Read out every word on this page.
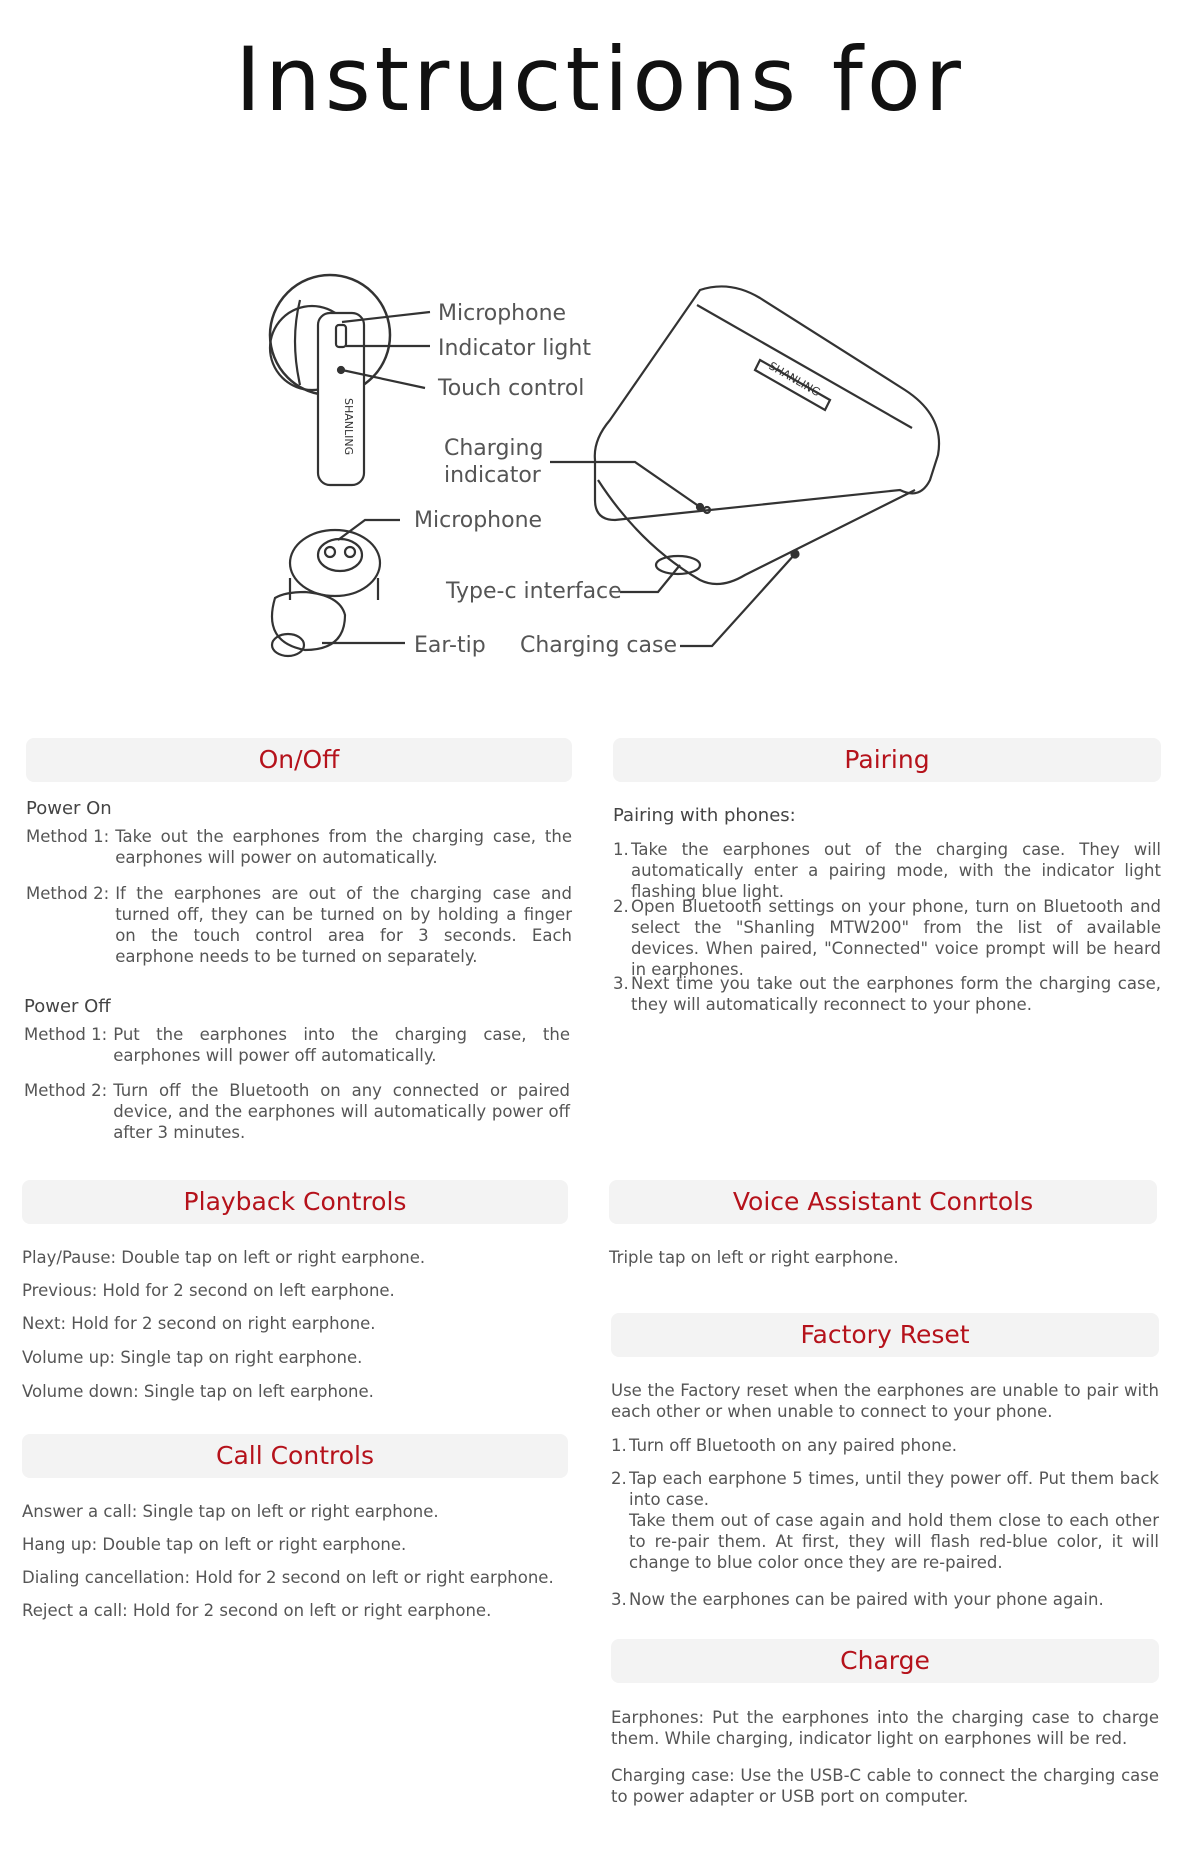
Instructions for
Microphone
Indicator light
Touch control
SHANLING
SHANLING
Charging
indicator
Microphone
Type-c interface
Ear-tip Charging case
On/Off

Power On

Method 1: Take out the earphones from the charging case, the earphones will power on automatically.
Method 2: If the earphones are out of the charging case and turned off, they can be turned on by holding a finger on the touch control area for 3 seconds. Each earphone needs to be turned on separately.

Power Off

Method 1: Put the earphones into the charging case, the earphones will power off automatically.
Method 2: Turn off the Bluetooth on any connected or paired device, and the earphones will automatically power off after 3 minutes.
Pairing

Pairing with phones:

1. Take the earphones out of the charging case. They will automatically enter a pairing mode, with the indicator light flashing blue light.
2. Open Bluetooth settings on your phone, turn on Bluetooth and select the "Shanling MTW200" from the list of available devices. When paired, "Connected" voice prompt will be heard in earphones.
3. Next time you take out the earphones form the charging case, they will automatically reconnect to your phone.
Playback Controls

Play/Pause: Double tap on left or right earphone.

Previous: Hold for 2 second on left earphone.

Next: Hold for 2 second on right earphone.

Volume up: Single tap on right earphone.

Volume down: Single tap on left earphone.

Call Controls

Answer a call: Single tap on left or right earphone.

Hang up: Double tap on left or right earphone.

Dialing cancellation: Hold for 2 second on left or right earphone.

Reject a call: Hold for 2 second on left or right earphone.

Voice Assistant Conrtols

Triple tap on left or right earphone.

Factory Reset

Use the Factory reset when the earphones are unable to pair with each other or when unable to connect to your phone.

1. Turn off Bluetooth on any paired phone.
2. Tap each earphone 5 times, until they power off. Put them back into case.
Take them out of case again and hold them close to each other to re-pair them. At first, they will flash red-blue color, it will change to blue color once they are re-paired.
3. Now the earphones can be paired with your phone again.
Charge

Earphones: Put the earphones into the charging case to charge them. While charging, indicator light on earphones will be red.

Charging case: Use the USB-C cable to connect the charging case to power adapter or USB port on computer.
